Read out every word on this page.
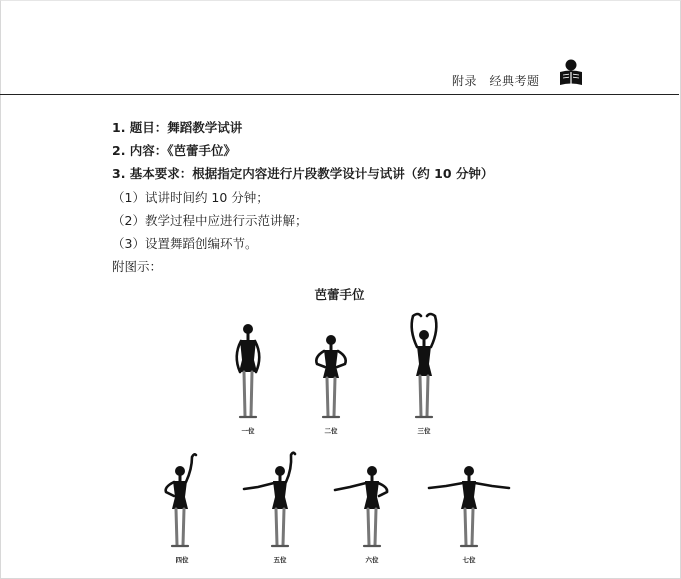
附录　经典考题
1. 题目：舞蹈教学试讲
2. 内容：《芭蕾手位》
3. 基本要求：根据指定内容进行片段教学设计与试讲（约 10 分钟）
（1）试讲时间约 10 分钟；
（2）教学过程中应进行示范讲解；
（3）设置舞蹈创编环节。
附图示：
芭蕾手位
一位	二位	三位
四位	五位	六位	七位
